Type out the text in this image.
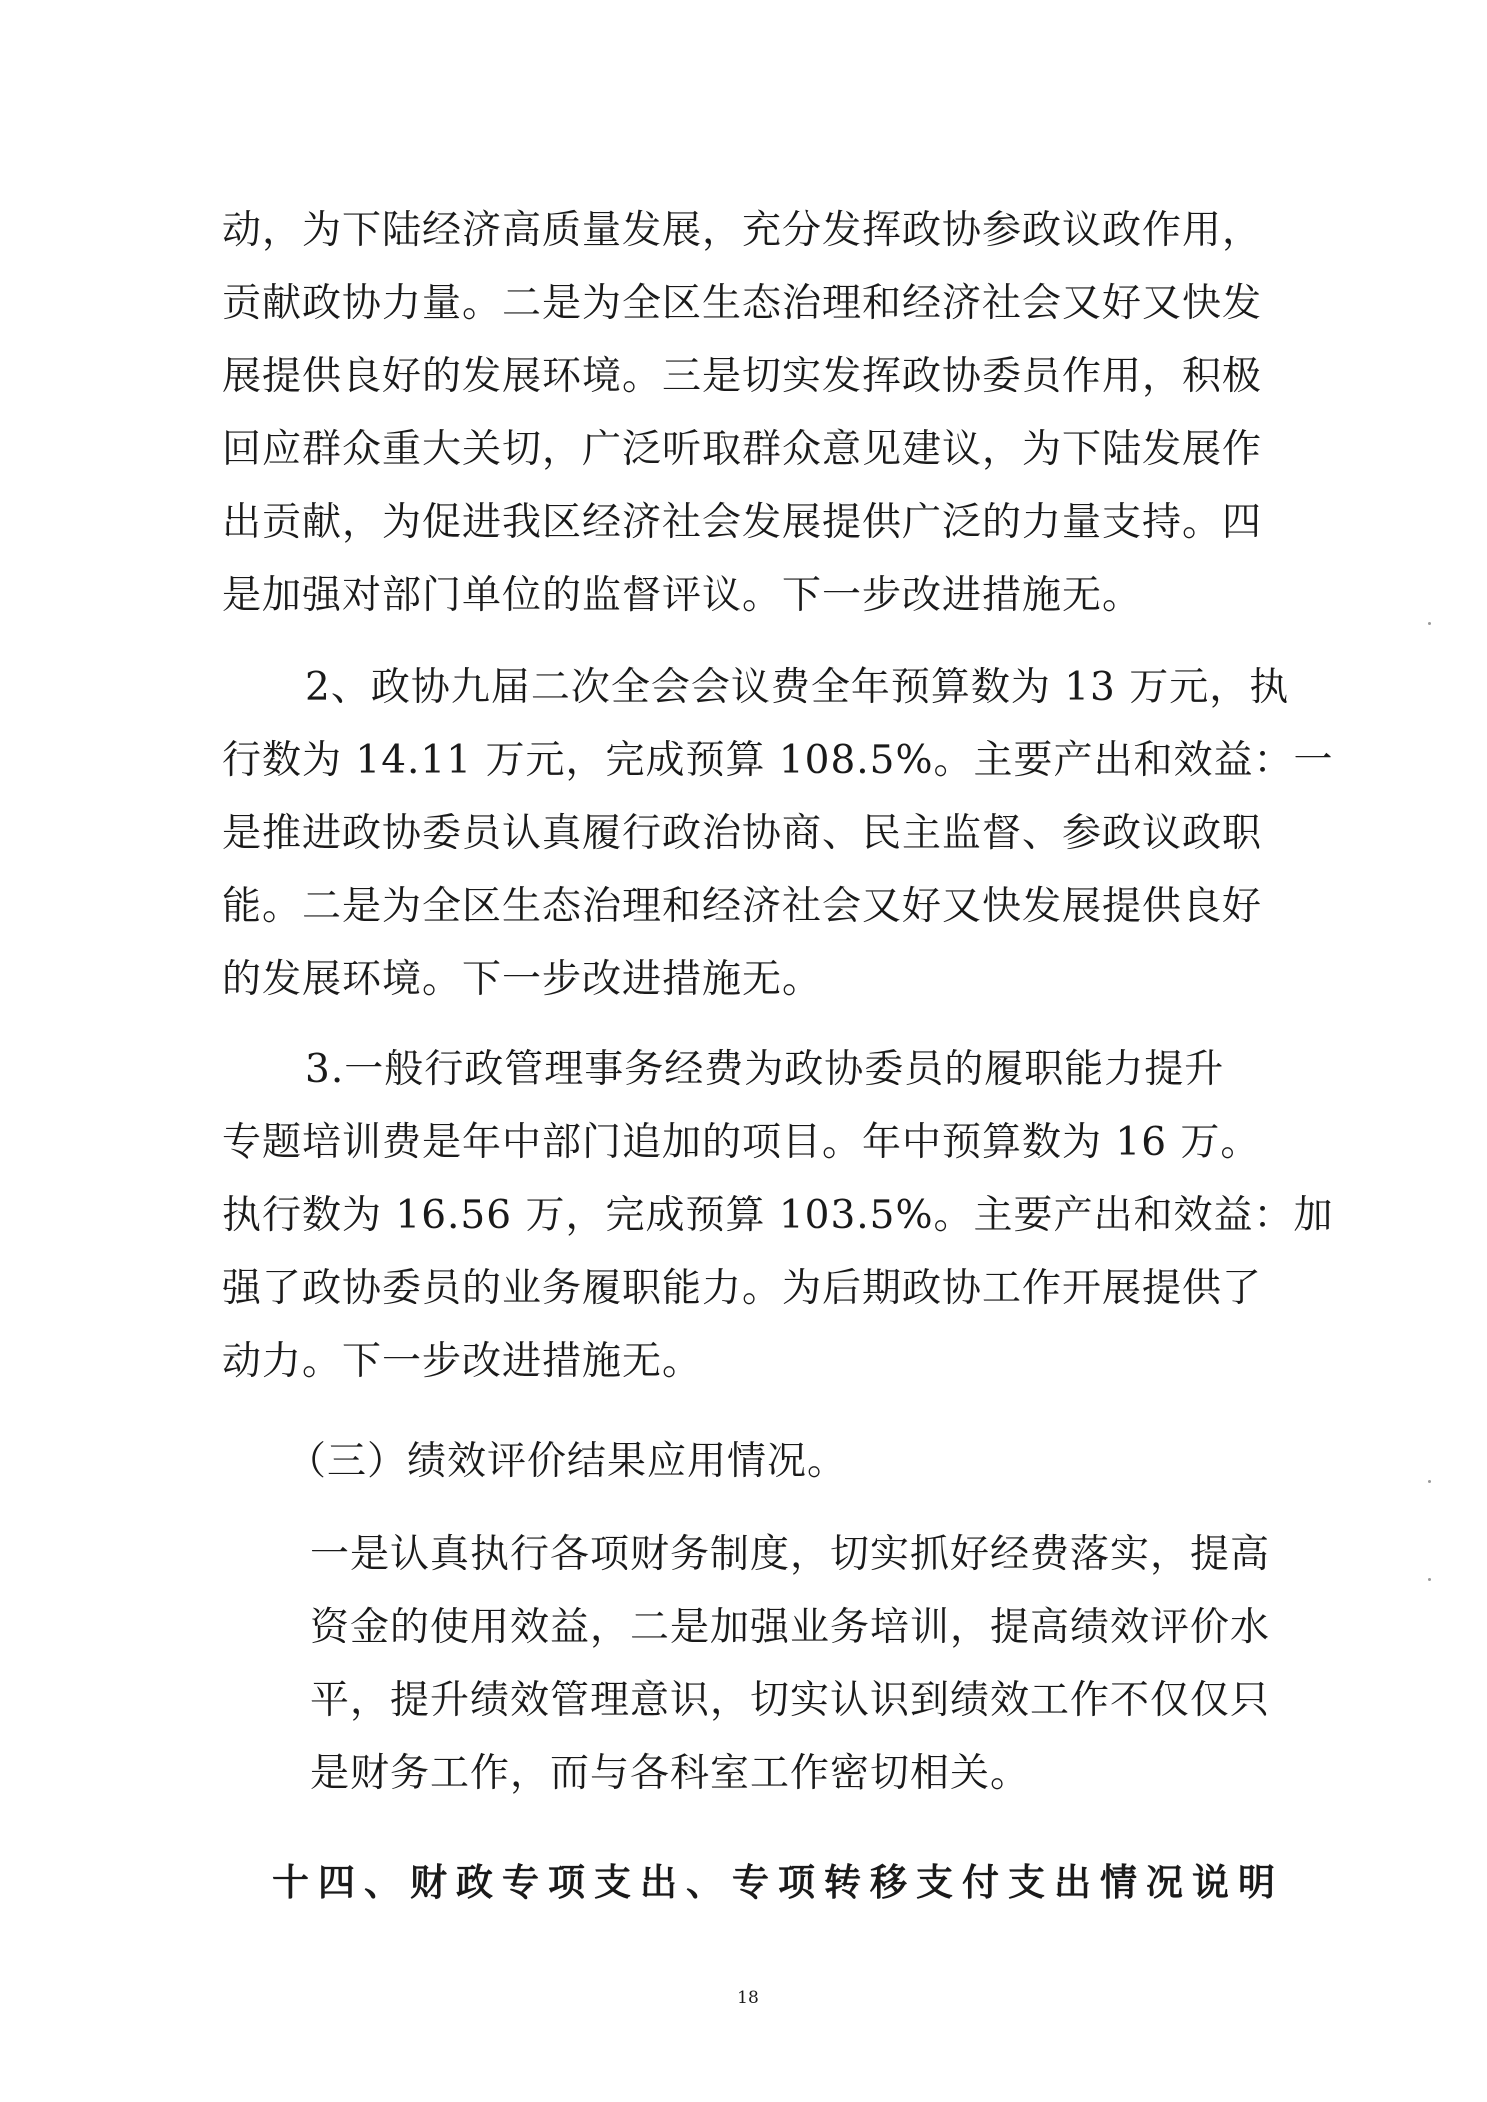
动，为下陆经济高质量发展，充分发挥政协参政议政作用，
贡献政协力量。二是为全区生态治理和经济社会又好又快发
展提供良好的发展环境。三是切实发挥政协委员作用，积极
回应群众重大关切，广泛听取群众意见建议，为下陆发展作
出贡献，为促进我区经济社会发展提供广泛的力量支持。四
是加强对部门单位的监督评议。下一步改进措施无。
2、政协九届二次全会会议费全年预算数为 13 万元，执
行数为 14.11 万元，完成预算 108.5%。主要产出和效益：一
是推进政协委员认真履行政治协商、民主监督、参政议政职
能。二是为全区生态治理和经济社会又好又快发展提供良好
的发展环境。下一步改进措施无。
3.一般行政管理事务经费为政协委员的履职能力提升
专题培训费是年中部门追加的项目。年中预算数为 16 万。
执行数为 16.56 万，完成预算 103.5%。主要产出和效益：加
强了政协委员的业务履职能力。为后期政协工作开展提供了
动力。下一步改进措施无。
（三）绩效评价结果应用情况。
一是认真执行各项财务制度，切实抓好经费落实，提高
资金的使用效益，二是加强业务培训，提高绩效评价水
平，提升绩效管理意识，切实认识到绩效工作不仅仅只
是财务工作，而与各科室工作密切相关。
十四、财政专项支出、专项转移支付支出情况说明
18
